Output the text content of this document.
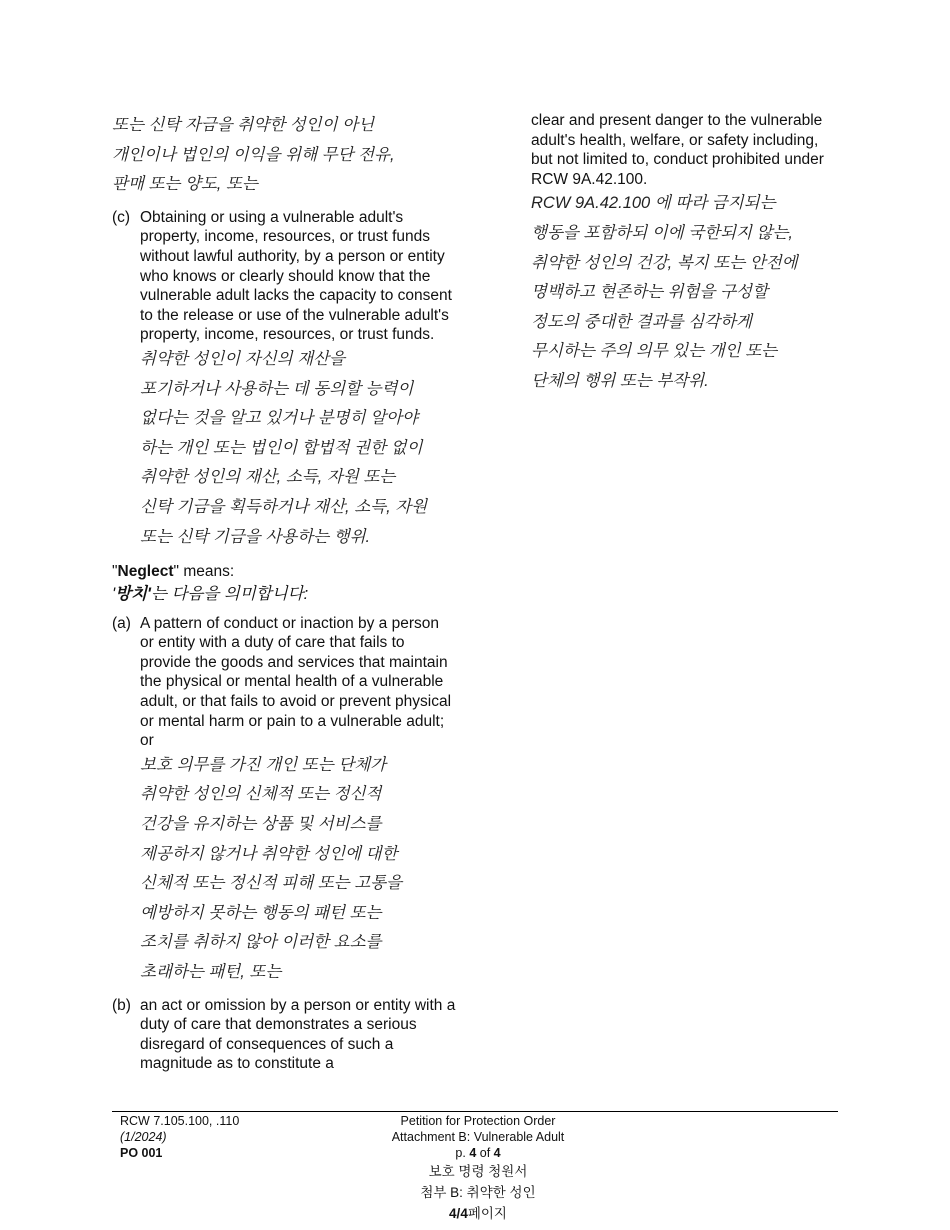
또는 신탁 자금을 취약한 성인이 아닌

개인이나 법인의 이익을 위해 무단 전유,

판매 또는 양도, 또는

(c) Obtaining or using a vulnerable adult's property, income, resources, or trust funds without lawful authority, by a person or entity who knows or clearly should know that the vulnerable adult lacks the capacity to consent to the release or use of the vulnerable adult's property, income, resources, or trust funds.

취약한 성인이 자신의 재산을

포기하거나 사용하는 데 동의할 능력이

없다는 것을 알고 있거나 분명히 알아야

하는 개인 또는 법인이 합법적 권한 없이

취약한 성인의 재산, 소득, 자원 또는

신탁 기금을 획득하거나 재산, 소득, 자원

또는 신탁 기금을 사용하는 행위.

"Neglect" means:

'방치'는 다음을 의미합니다:

(a) A pattern of conduct or inaction by a person or entity with a duty of care that fails to provide the goods and services that maintain the physical or mental health of a vulnerable adult, or that fails to avoid or prevent physical or mental harm or pain to a vulnerable adult; or

보호 의무를 가진 개인 또는 단체가

취약한 성인의 신체적 또는 정신적

건강을 유지하는 상품 및 서비스를

제공하지 않거나 취약한 성인에 대한

신체적 또는 정신적 피해 또는 고통을

예방하지 못하는 행동의 패턴 또는

조치를 취하지 않아 이러한 요소를

초래하는 패턴, 또는

(b) an act or omission by a person or entity with a duty of care that demonstrates a serious disregard of consequences of such a magnitude as to constitute a

clear and present danger to the vulnerable adult's health, welfare, or safety including, but not limited to, conduct prohibited under RCW 9A.42.100.

RCW 9A.42.100 에 따라 금지되는

행동을 포함하되 이에 국한되지 않는,

취약한 성인의 건강, 복지 또는 안전에

명백하고 현존하는 위험을 구성할

정도의 중대한 결과를 심각하게

무시하는 주의 의무 있는 개인 또는

단체의 행위 또는 부작위.

RCW 7.105.100, .110
(1/2024)
PO 001
Petition for Protection Order
Attachment B: Vulnerable Adult
p. 4 of 4
보호 명령 청원서
첨부 B: 취약한 성인
4/4페이지
